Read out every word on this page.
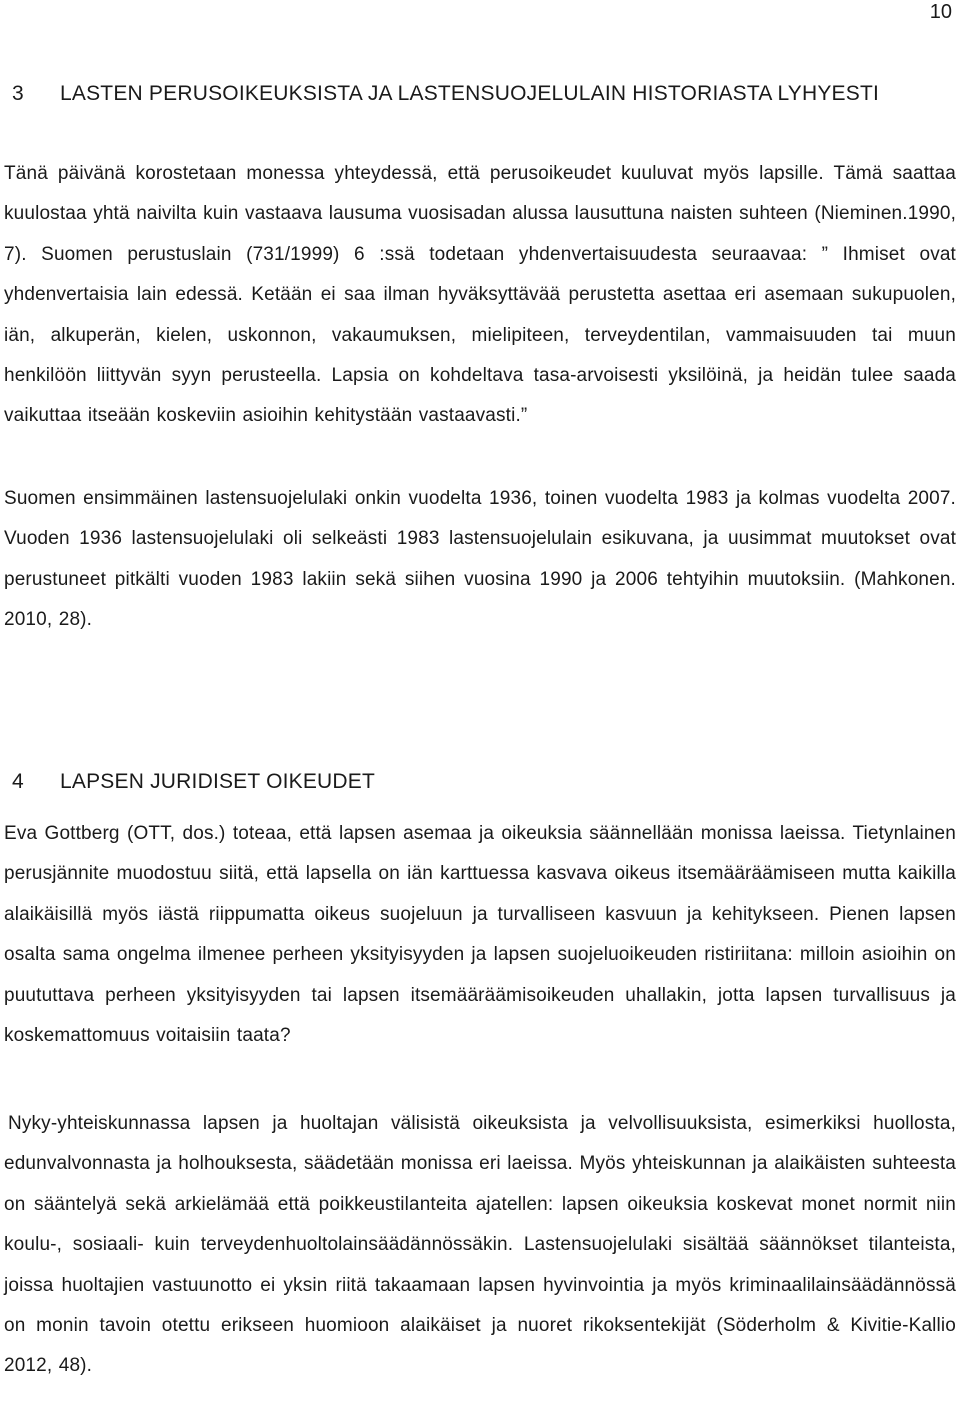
10
3	LASTEN PERUSOIKEUKSISTA JA LASTENSUOJELULAIN HISTORIASTA LYHYESTI

Tänä päivänä korostetaan monessa yhteydessä, että perusoikeudet kuuluvat myös lapsille. Tämä saattaa kuulostaa yhtä naivilta kuin vastaava lausuma vuosisadan alussa lausuttuna naisten suhteen (Nieminen.1990, 7). Suomen perustuslain (731/1999) 6 :ssä todetaan yhdenvertaisuudesta seuraavaa: ” Ihmiset ovat yhdenvertaisia lain edessä. Ketään ei saa ilman hyväksyttävää perustetta asettaa eri asemaan sukupuolen, iän, alkuperän, kielen, uskonnon, vakaumuksen, mielipiteen, terveydentilan, vammaisuuden tai muun henkilöön liittyvän syyn perusteella. Lapsia on kohdeltava tasa-arvoisesti yksilöinä, ja heidän tulee saada vaikuttaa itseään koskeviin asioihin kehitystään vastaavasti.”

Suomen ensimmäinen lastensuojelulaki onkin vuodelta 1936, toinen vuodelta 1983 ja kolmas vuodelta 2007. Vuoden 1936 lastensuojelulaki oli selkeästi 1983 lastensuojelulain esikuvana, ja uusimmat muutokset ovat perustuneet pitkälti vuoden 1983 lakiin sekä siihen vuosina 1990 ja 2006 tehtyihin muutoksiin. (Mahkonen. 2010, 28).

4	LAPSEN JURIDISET OIKEUDET

Eva Gottberg (OTT, dos.) toteaa, että lapsen asemaa ja oikeuksia säännellään monissa laeissa. Tietynlainen perusjännite muodostuu siitä, että lapsella on iän karttuessa kasvava oikeus itsemääräämiseen mutta kaikilla alaikäisillä myös iästä riippumatta oikeus suojeluun ja turvalliseen kasvuun ja kehitykseen. Pienen lapsen osalta sama ongelma ilmenee perheen yksityisyyden ja lapsen suojeluoikeuden ristiriitana: milloin asioihin on puututtava perheen yksityisyyden tai lapsen itsemääräämisoikeuden uhallakin, jotta lapsen turvallisuus ja koskemattomuus voitaisiin taata?

Nyky-yhteiskunnassa lapsen ja huoltajan välisistä oikeuksista ja velvollisuuksista, esimerkiksi huollosta, edunvalvonnasta ja holhouksesta, säädetään monissa eri laeissa. Myös yhteiskunnan ja alaikäisten suhteesta on sääntelyä sekä arkielämää että poikkeustilanteita ajatellen: lapsen oikeuksia koskevat monet normit niin koulu-, sosiaali- kuin terveydenhuoltolainsäädännössäkin. Lastensuojelulaki sisältää säännökset tilanteista, joissa huoltajien vastuunotto ei yksin riitä takaamaan lapsen hyvinvointia ja myös kriminaalilainsäädännössä on monin tavoin otettu erikseen huomioon alaikäiset ja nuoret rikoksentekijät (Söderholm & Kivitie-Kallio 2012, 48).
